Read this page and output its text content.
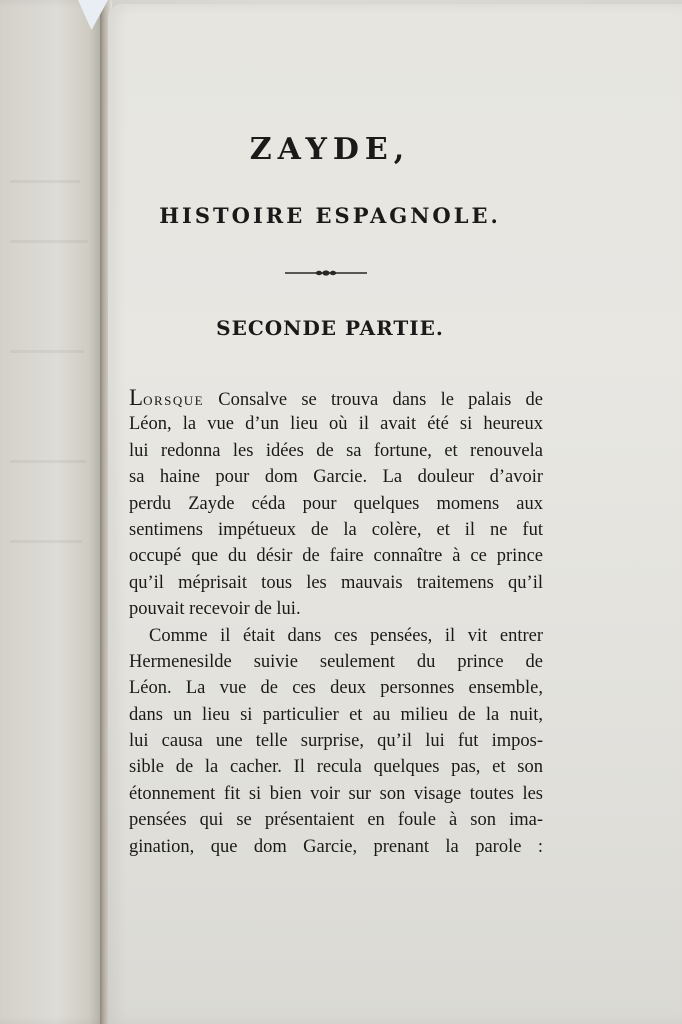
ZAYDE,
HISTOIRE ESPAGNOLE.
SECONDE PARTIE.
LORSQUE Consalve se trouva dans le palais de
Léon, la vue d’un lieu où il avait été si heureux
lui redonna les idées de sa fortune, et renouvela
sa haine pour dom Garcie. La douleur d’avoir
perdu Zayde céda pour quelques momens aux
sentimens impétueux de la colère, et il ne fut
occupé que du désir de faire connaître à ce prince
qu’il méprisait tous les mauvais traitemens qu’il
pouvait recevoir de lui.
Comme il était dans ces pensées, il vit entrer
Hermenesilde suivie seulement du prince de
Léon. La vue de ces deux personnes ensemble,
dans un lieu si particulier et au milieu de la nuit,
lui causa une telle surprise, qu’il lui fut impos-
sible de la cacher. Il recula quelques pas, et son
étonnement fit si bien voir sur son visage toutes les
pensées qui se présentaient en foule à son ima-
gination, que dom Garcie, prenant la parole :
